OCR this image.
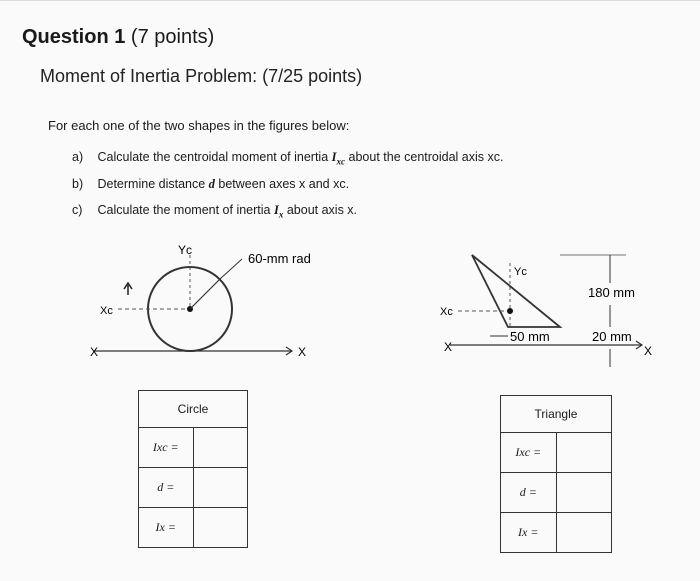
Question 1 (7 points)
Moment of Inertia Problem: (7/25 points)
For each one of the two shapes in the figures below:
a) Calculate the centroidal moment of inertia $I_{xc}$ about the centroidal axis xc.
b) Determine distance d between axes x and xc.
c) Calculate the moment of inertia $I_x$ about axis x.
X	X
Yc
Xc
60-mm rad
X	X
Yc
Xc
180 mm
50 mm	20 mm
Circle	
Ixc =	
d =	
Ix =	
Triangle	
Ixc =	
d =	
Ix =	
